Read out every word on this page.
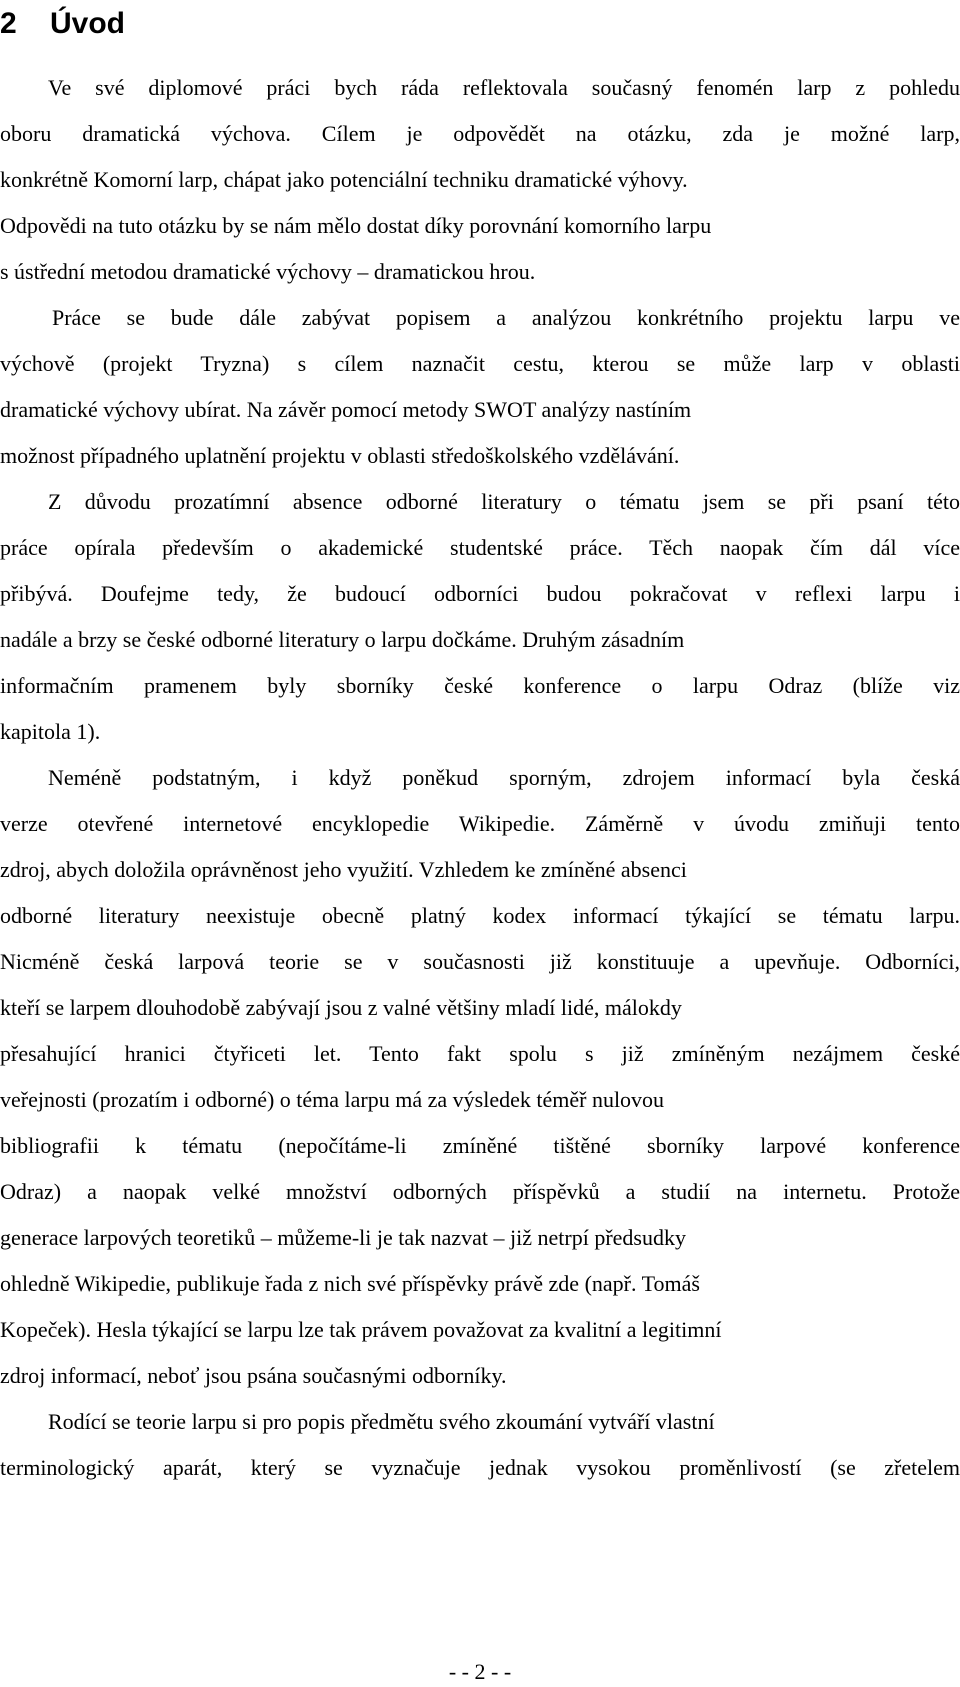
2 Úvod

Ve své diplomové práci bych ráda reflektovala současný fenomén larp z pohledu

oboru dramatická výchova. Cílem je odpovědět na otázku, zda je možné larp,

konkrétně Komorní larp, chápat jako potenciální techniku dramatické výhovy.

Odpovědi na tuto otázku by se nám mělo dostat díky porovnání komorního larpu

s ústřední metodou dramatické výchovy – dramatickou hrou.

Práce se bude dále zabývat popisem a analýzou konkrétního projektu larpu ve

výchově (projekt Tryzna) s cílem naznačit cestu, kterou se může larp v oblasti

dramatické výchovy ubírat. Na závěr pomocí metody SWOT analýzy nastíním

možnost případného uplatnění projektu v oblasti středoškolského vzdělávání.

Z důvodu prozatímní absence odborné literatury o tématu jsem se při psaní této

práce opírala především o akademické studentské práce. Těch naopak čím dál více

přibývá. Doufejme tedy, že budoucí odborníci budou pokračovat v reflexi larpu i

nadále a brzy se české odborné literatury o larpu dočkáme. Druhým zásadním

informačním pramenem byly sborníky české konference o larpu Odraz (blíže viz

kapitola 1).

Neméně podstatným, i když poněkud sporným, zdrojem informací byla česká

verze otevřené internetové encyklopedie Wikipedie. Záměrně v úvodu zmiňuji tento

zdroj, abych doložila oprávněnost jeho využití. Vzhledem ke zmíněné absenci

odborné literatury neexistuje obecně platný kodex informací týkající se tématu larpu.

Nicméně česká larpová teorie se v současnosti již konstituuje a upevňuje. Odborníci,

kteří se larpem dlouhodobě zabývají jsou z valné většiny mladí lidé, málokdy

přesahující hranici čtyřiceti let. Tento fakt spolu s již zmíněným nezájmem české

veřejnosti (prozatím i odborné) o téma larpu má za výsledek téměř nulovou

bibliografii k tématu (nepočítáme-li zmíněné tištěné sborníky larpové konference

Odraz) a naopak velké množství odborných příspěvků a studií na internetu. Protože

generace larpových teoretiků – můžeme-li je tak nazvat – již netrpí předsudky

ohledně Wikipedie, publikuje řada z nich své příspěvky právě zde (např. Tomáš

Kopeček). Hesla týkající se larpu lze tak právem považovat za kvalitní a legitimní

zdroj informací, neboť jsou psána současnými odborníky.

Rodící se teorie larpu si pro popis předmětu svého zkoumání vytváří vlastní

terminologický aparát, který se vyznačuje jednak vysokou proměnlivostí (se zřetelem

- - 2 - -
